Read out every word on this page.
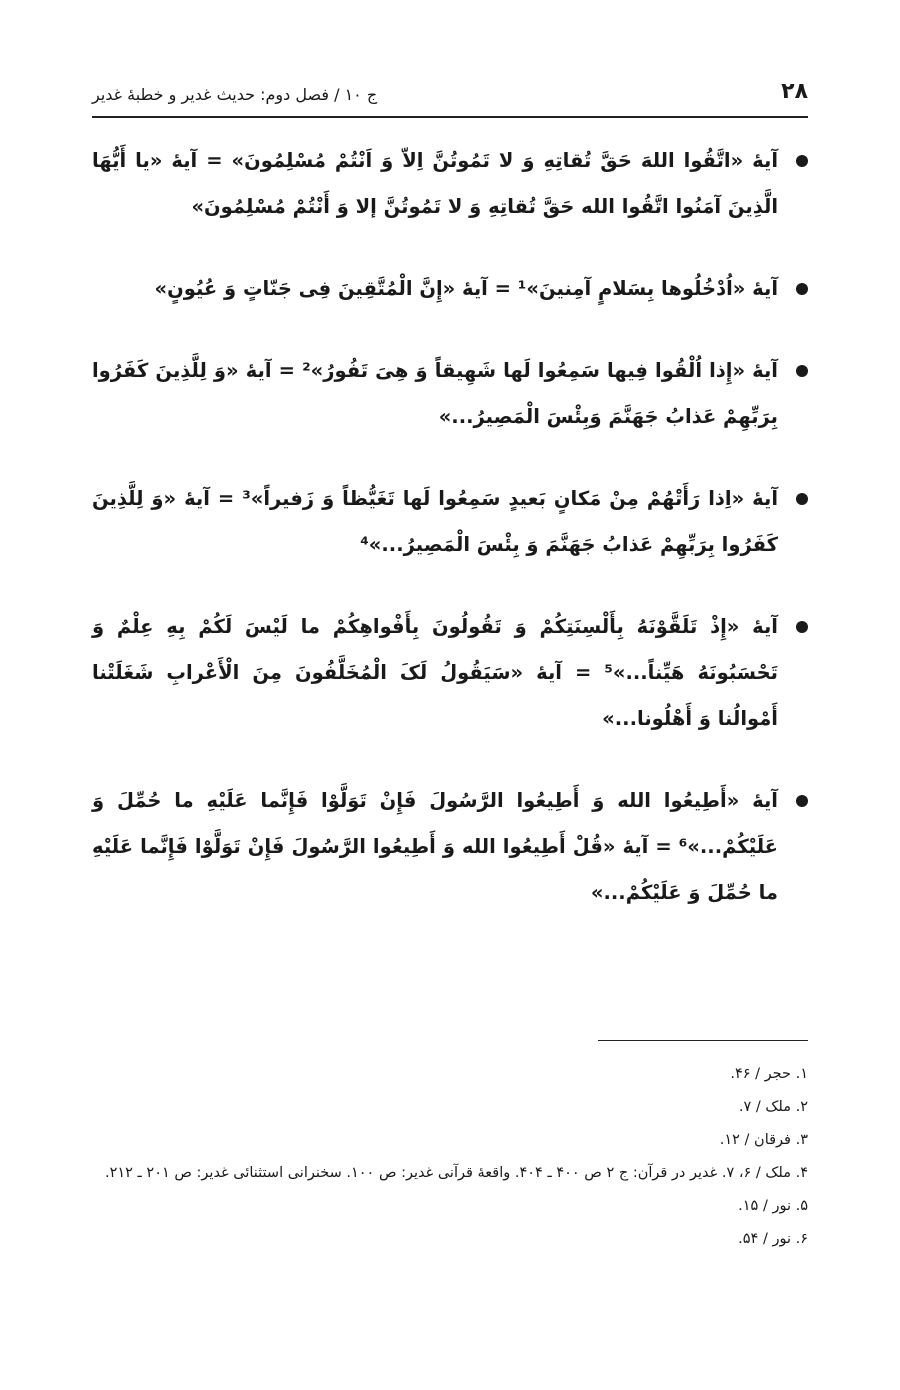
۲۸
ج ۱۰ / فصل دوم: حدیث غدیر و خطبهٔ غدیر
آیهٔ «اتَّقُوا اللهَ حَقَّ تُقاتِهِ وَ لا تَمُوتُنَّ اِلاّ وَ اَنْتُمْ مُسْلِمُونَ» = آیهٔ «یا أَیُّهَا الَّذِینَ آمَنُوا اتَّقُوا الله حَقَّ تُقاتِهِ وَ لا تَمُوتُنَّ إلا وَ أَنْتُمْ مُسْلِمُونَ»
آیهٔ «اُدْخُلُوها بِسَلامٍ آمِنینَ»¹ = آیهٔ «إِنَّ الْمُتَّقِینَ فِی جَنّاتٍ وَ عُیُونٍ»
آیهٔ «إِذا اُلْقُوا فِیها سَمِعُوا لَها شَهِیقاً وَ هِیَ تَفُورُ»² = آیهٔ «وَ لِلَّذِینَ کَفَرُوا بِرَبِّهِمْ عَذابُ جَهَنَّمَ وَبِئْسَ الْمَصِیرُ...»
آیهٔ «اِذا رَأَتْهُمْ مِنْ مَکانٍ بَعیدٍ سَمِعُوا لَها تَغَیُّظاً وَ زَفیراً»³ = آیهٔ «وَ لِلَّذِینَ کَفَرُوا بِرَبِّهِمْ عَذابُ جَهَنَّمَ وَ بِئْسَ الْمَصِیرُ...»⁴
آیهٔ «إِذْ تَلَقَّوْنَهُ بِأَلْسِنَتِکُمْ وَ تَقُولُونَ بِأَفْواهِکُمْ ما لَیْسَ لَکُمْ بِهِ عِلْمٌ وَ تَحْسَبُونَهُ هَیِّناً...»⁵ = آیهٔ «سَیَقُولُ لَکَ الْمُخَلَّفُونَ مِنَ الْأَعْرابِ شَغَلَتْنا أَمْوالُنا وَ أَهْلُونا...»
آیهٔ «أَطِیعُوا الله وَ أَطِیعُوا الرَّسُولَ فَإِنْ تَوَلَّوْا فَإِنَّما عَلَیْهِ ما حُمِّلَ وَ عَلَیْکُمْ...»⁶ = آیهٔ «قُلْ أَطِیعُوا الله وَ أَطِیعُوا الرَّسُولَ فَإِنْ تَوَلَّوْا فَإِنَّما عَلَیْهِ ما حُمِّلَ وَ عَلَیْکُمْ...»
۱. حجر / ۴۶.
۲. ملک / ۷.
۳. فرقان / ۱۲.
۴. ملک / ۶، ۷. غدیر در قرآن: ج ۲ ص ۴۰۰ ـ ۴۰۴. واقعهٔ قرآنی غدیر: ص ۱۰۰. سخنرانی استثنائی غدیر: ص ۲۰۱ ـ ۲۱۲.
۵. نور / ۱۵.
۶. نور / ۵۴.
